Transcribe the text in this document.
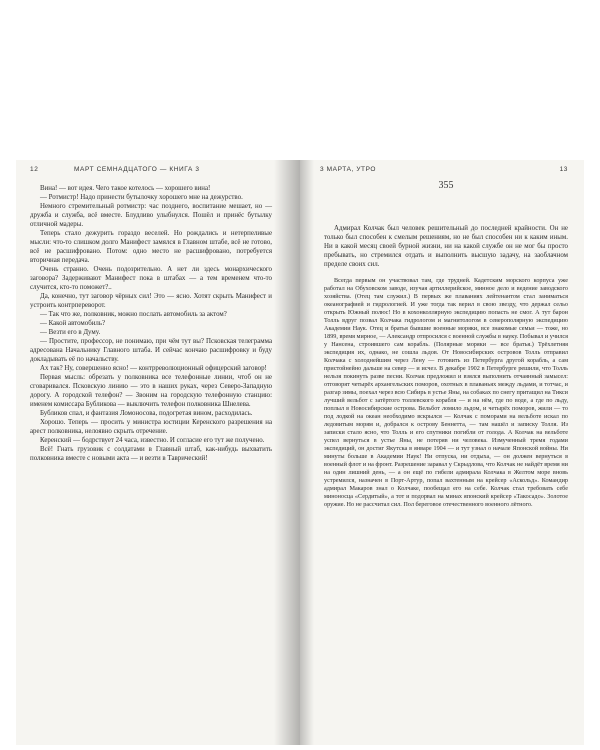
12	МАРТ СЕМНАДЦАТОГО — КНИГА 3

Вина! — вот идея. Чего такое котелось — хорошего вина!

— Ротмистр! Надо принести бутылочку хорошего мне на дежурство.

Немного стремительный ротмистр: час позднего, воспитание мешает, но — дружба и служба, всё вместе. Блудливо улыбнулся. Пошёл и принёс бутылку отличной мадеры.

Теперь стало дежурить гораздо веселей. Но рождались и нетерпеливые мысли: что-то слишком долго Манифест замялся в Главном штабе, всё не готово, всё не расшифровано. Потом: одно место не расшифровано, потребуется вторичная передача.

Очень странно. Очень подозрительно. А нет ли здесь монархического заговора? Задерживают Манифест пока в штабах — а тем временем что-то случится, кто-то поможет?..

Да, конечно, тут заговор чёрных сил! Это — ясно. Хотят скрыть Манифест и устроить контрпереворот.

— Так что же, полковник, можно послать автомобиль за актом?

— Какой автомобиль?

— Везти его в Думу.

— Простите, профессор, не понимаю, при чём тут вы? Псковская телеграмма адресована Начальнику Главного штаба. И сейчас кончаю расшифровку и буду докладывать её по начальству.

Ах так? Ну, совершенно ясно! — контрреволюционный офицерский заговор!

Первая мысль: обрезать у полковника все телефонные линии, чтоб он не сговаривался. Псковскую линию — это в наших руках, через Северо-Западную дорогу. А городской телефон? — Звоним на городскую телефонную станцию: именем комиссара Бубликова — выключить телефон полковника Шнелева.

Бубликов спал, и фантазия Ломоносова, подогретая вином, расходилась.

Хорошо. Теперь — просить у министра юстиции Керенского разрешения на арест полковника, нелоявно скрыть отречение.

Керенский — бодрствует 24 часа, известно. И согласие его тут же получено.

Всё! Гнать грузовик с солдатами в Главный штаб, как-нибудь выхватить полковника вместе с новыми акта — и везти в Таврический!

3 МАРТА, УТРО	13
355

Адмирал Колчак был человек решительный до последней крайности. Он не только был способен к смелым решениям, но не был способен ни к каким иным. Ни в какой месяц своей бурной жизни, ни на какой службе он не мог бы просто пребывать, но стремился отдать и выполнить высшую задачу, на заоблачном пределе своих сил.

Всегда первым он участвовал там, где трудней. Кадетским морского корпуса уже работал на Обуховском заводе, изучая артиллерийское, минное дело и ведение заводского хозяйства. (Отец там служил.) В первых же плаваниях лейтенантом стал заниматься океанографией и гидрологией. И уже тогда так верил в свою звезду, что держал сельо открыть Южный полюс! Но в кохонколлярную экспедицию попасть не смог. А тут барон Толль вдруг позвал Колчака гидрологом и магнитологом в северополярную экспедицию Академии Наук. Отец и братья бывшие военные моряки, все знакомые семьи — тоже, но 1899, время мирное, — Александр отпросился с военной службы в науку. Побывал и учился у Нансена, строившего сам корабль. (Полярные моряки — все братья.) Трёхлетняя экспедиция их, однако, не сошла льдов. От Новосибирских островов Толль отправил Колчака с холоднейшим через Лену — готовить из Петербурга другой корабль, а сам пристойнейно дальше на север — и исчез. В декабре 1902 в Петербурге решили, что Толль нельзя покинуть разве песни. Колчак предложил и взялся выполнить отчаянный замысел: отговорят четырёх архангельских поморов, охотных в плаваньях между льдами, и тотчас, и разгар зимы, поехал через всю Сибирь в устье Яны, на собаках по снегу притащил на Тикси лучший вельбот с затёртого толлевского корабля — и на нём, где по воде, а где по льду, поплыл в Новосибирские острова. Вельбот ломило льдом, и четырёх поморов, жили — то под лодкой на океан необходимо вскрылся — Колчак с поморами на вельботе искал по ледовитым морям и, добрался к острову Беннетта, — там нашёл и записку Толля. Из записки стало ясно, что Толль и его спутники погибли от голода. А Колчак на вельботе успел вернуться в устье Яны, не потеряв ни человека. Измученный тремя годами экспедиций, он достиг Якутска в январе 1904 — и тут узнал о начале Японской войны. Ни минуты больше в Академии Наук! Ни отпуска, ни отдыха, — он должен вернуться в военный флот и на фронт. Разрешение заравал у Скрыдлова, что Колчак не найдёт время ни на один лишний день, — а он ещё по гибели адмирала Колчака в Желтом море вновь устремился, назначен в Порт-Артур, попал вахтенным на крейсер «Аскольд». Командир адмирал Макаров знал о Колчаке, пообещал его на себе. Колчак стал требовать себе миноносца «Сердитый», а тот и подорвал на минах японский крейсер «Такосадо». Золотое оружие. Но не рассчитал сил. Пол береговое отечественного военного лётного.
